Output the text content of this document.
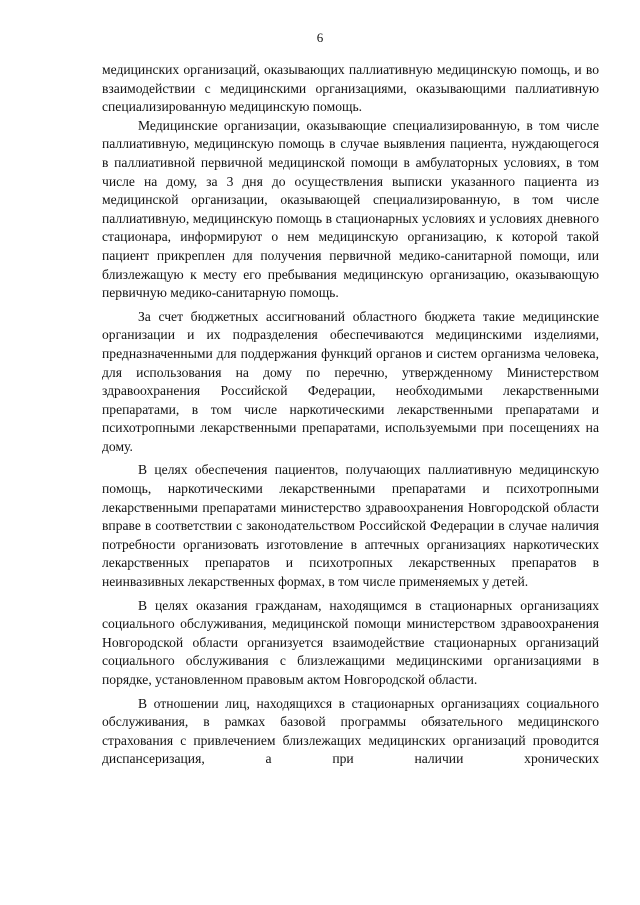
6

медицинских организаций, оказывающих паллиативную медицинскую помощь, и во взаимодействии с медицинскими организациями, оказывающими паллиативную специализированную медицинскую помощь.

Медицинские организации, оказывающие специализированную, в том числе паллиативную, медицинскую помощь в случае выявления пациента, нуждающегося в паллиативной первичной медицинской помощи в амбулаторных условиях, в том числе на дому, за 3 дня до осуществления выписки указанного пациента из медицинской организации, оказывающей специализированную, в том числе паллиативную, медицинскую помощь в стационарных условиях и условиях дневного стационара, информируют о нем медицинскую организацию, к которой такой пациент прикреплен для получения первичной медико-санитарной помощи, или близлежащую к месту его пребывания медицинскую организацию, оказывающую первичную медико-санитарную помощь.

За счет бюджетных ассигнований областного бюджета такие медицинские организации и их подразделения обеспечиваются медицинскими изделиями, предназначенными для поддержания функций органов и систем организма человека, для использования на дому по перечню, утвержденному Министерством здравоохранения Российской Федерации, необходимыми лекарственными препаратами, в том числе наркотическими лекарственными препаратами и психотропными лекарственными препаратами, используемыми при посещениях на дому.

В целях обеспечения пациентов, получающих паллиативную медицинскую помощь, наркотическими лекарственными препаратами и психотропными лекарственными препаратами министерство здравоохранения Новгородской области вправе в соответствии с законодательством Российской Федерации в случае наличия потребности организовать изготовление в аптечных организациях наркотических лекарственных препаратов и психотропных лекарственных препаратов в неинвазивных лекарственных формах, в том числе применяемых у детей.

В целях оказания гражданам, находящимся в стационарных организациях социального обслуживания, медицинской помощи министерством здравоохранения Новгородской области организуется взаимодействие стационарных организаций социального обслуживания с близлежащими медицинскими организациями в порядке, установленном правовым актом Новгородской области.

В отношении лиц, находящихся в стационарных организациях социального обслуживания, в рамках базовой программы обязательного медицинского страхования с привлечением близлежащих медицинских организаций проводится диспансеризация, а при наличии хронических
